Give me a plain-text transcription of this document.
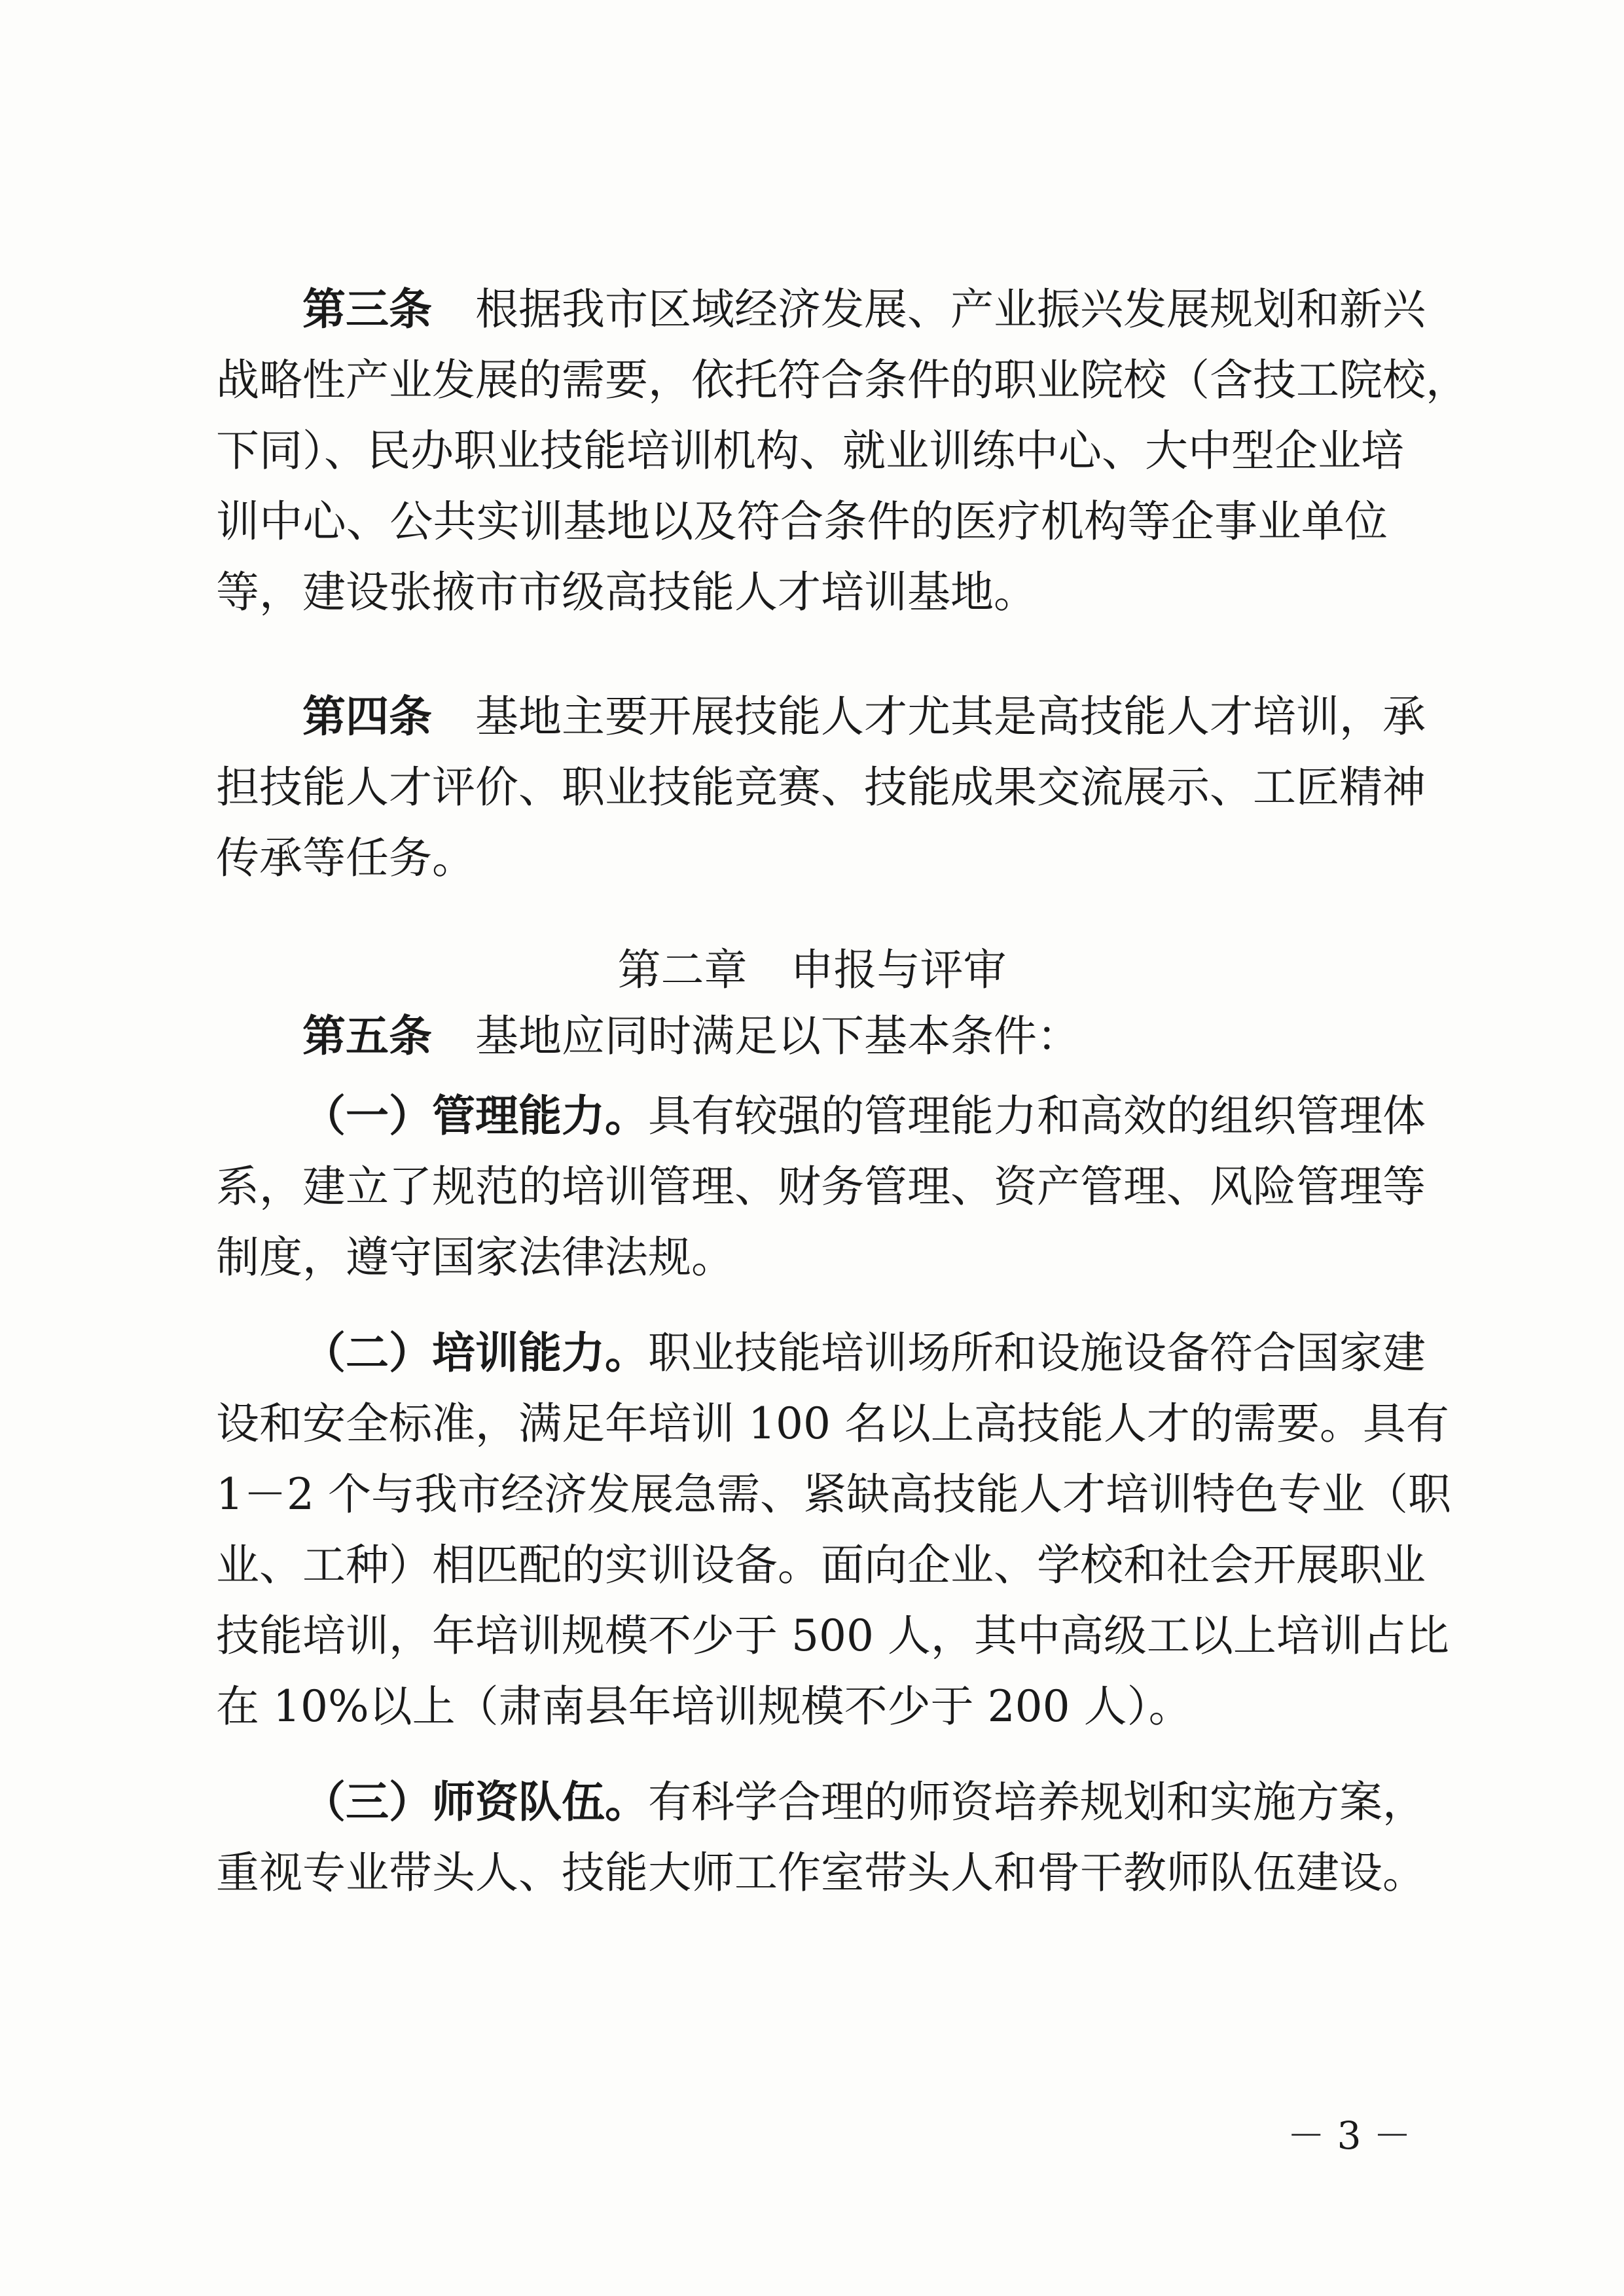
第三条 根据我市区域经济发展、产业振兴发展规划和新兴
战略性产业发展的需要，依托符合条件的职业院校（含技工院校，
下同）、民办职业技能培训机构、就业训练中心、大中型企业培
训中心、公共实训基地以及符合条件的医疗机构等企事业单位
等，建设张掖市市级高技能人才培训基地。
第四条 基地主要开展技能人才尤其是高技能人才培训，承
担技能人才评价、职业技能竞赛、技能成果交流展示、工匠精神
传承等任务。
第二章　申报与评审
第五条 基地应同时满足以下基本条件：
（一）管理能力。具有较强的管理能力和高效的组织管理体
系，建立了规范的培训管理、财务管理、资产管理、风险管理等
制度，遵守国家法律法规。
（二）培训能力。职业技能培训场所和设施设备符合国家建
设和安全标准，满足年培训 100 名以上高技能人才的需要。具有
1－2 个与我市经济发展急需、紧缺高技能人才培训特色专业（职
业、工种）相匹配的实训设备。面向企业、学校和社会开展职业
技能培训，年培训规模不少于 500 人，其中高级工以上培训占比
在 10%以上（肃南县年培训规模不少于 200 人）。
（三）师资队伍。有科学合理的师资培养规划和实施方案，
重视专业带头人、技能大师工作室带头人和骨干教师队伍建设。
－ 3 －
